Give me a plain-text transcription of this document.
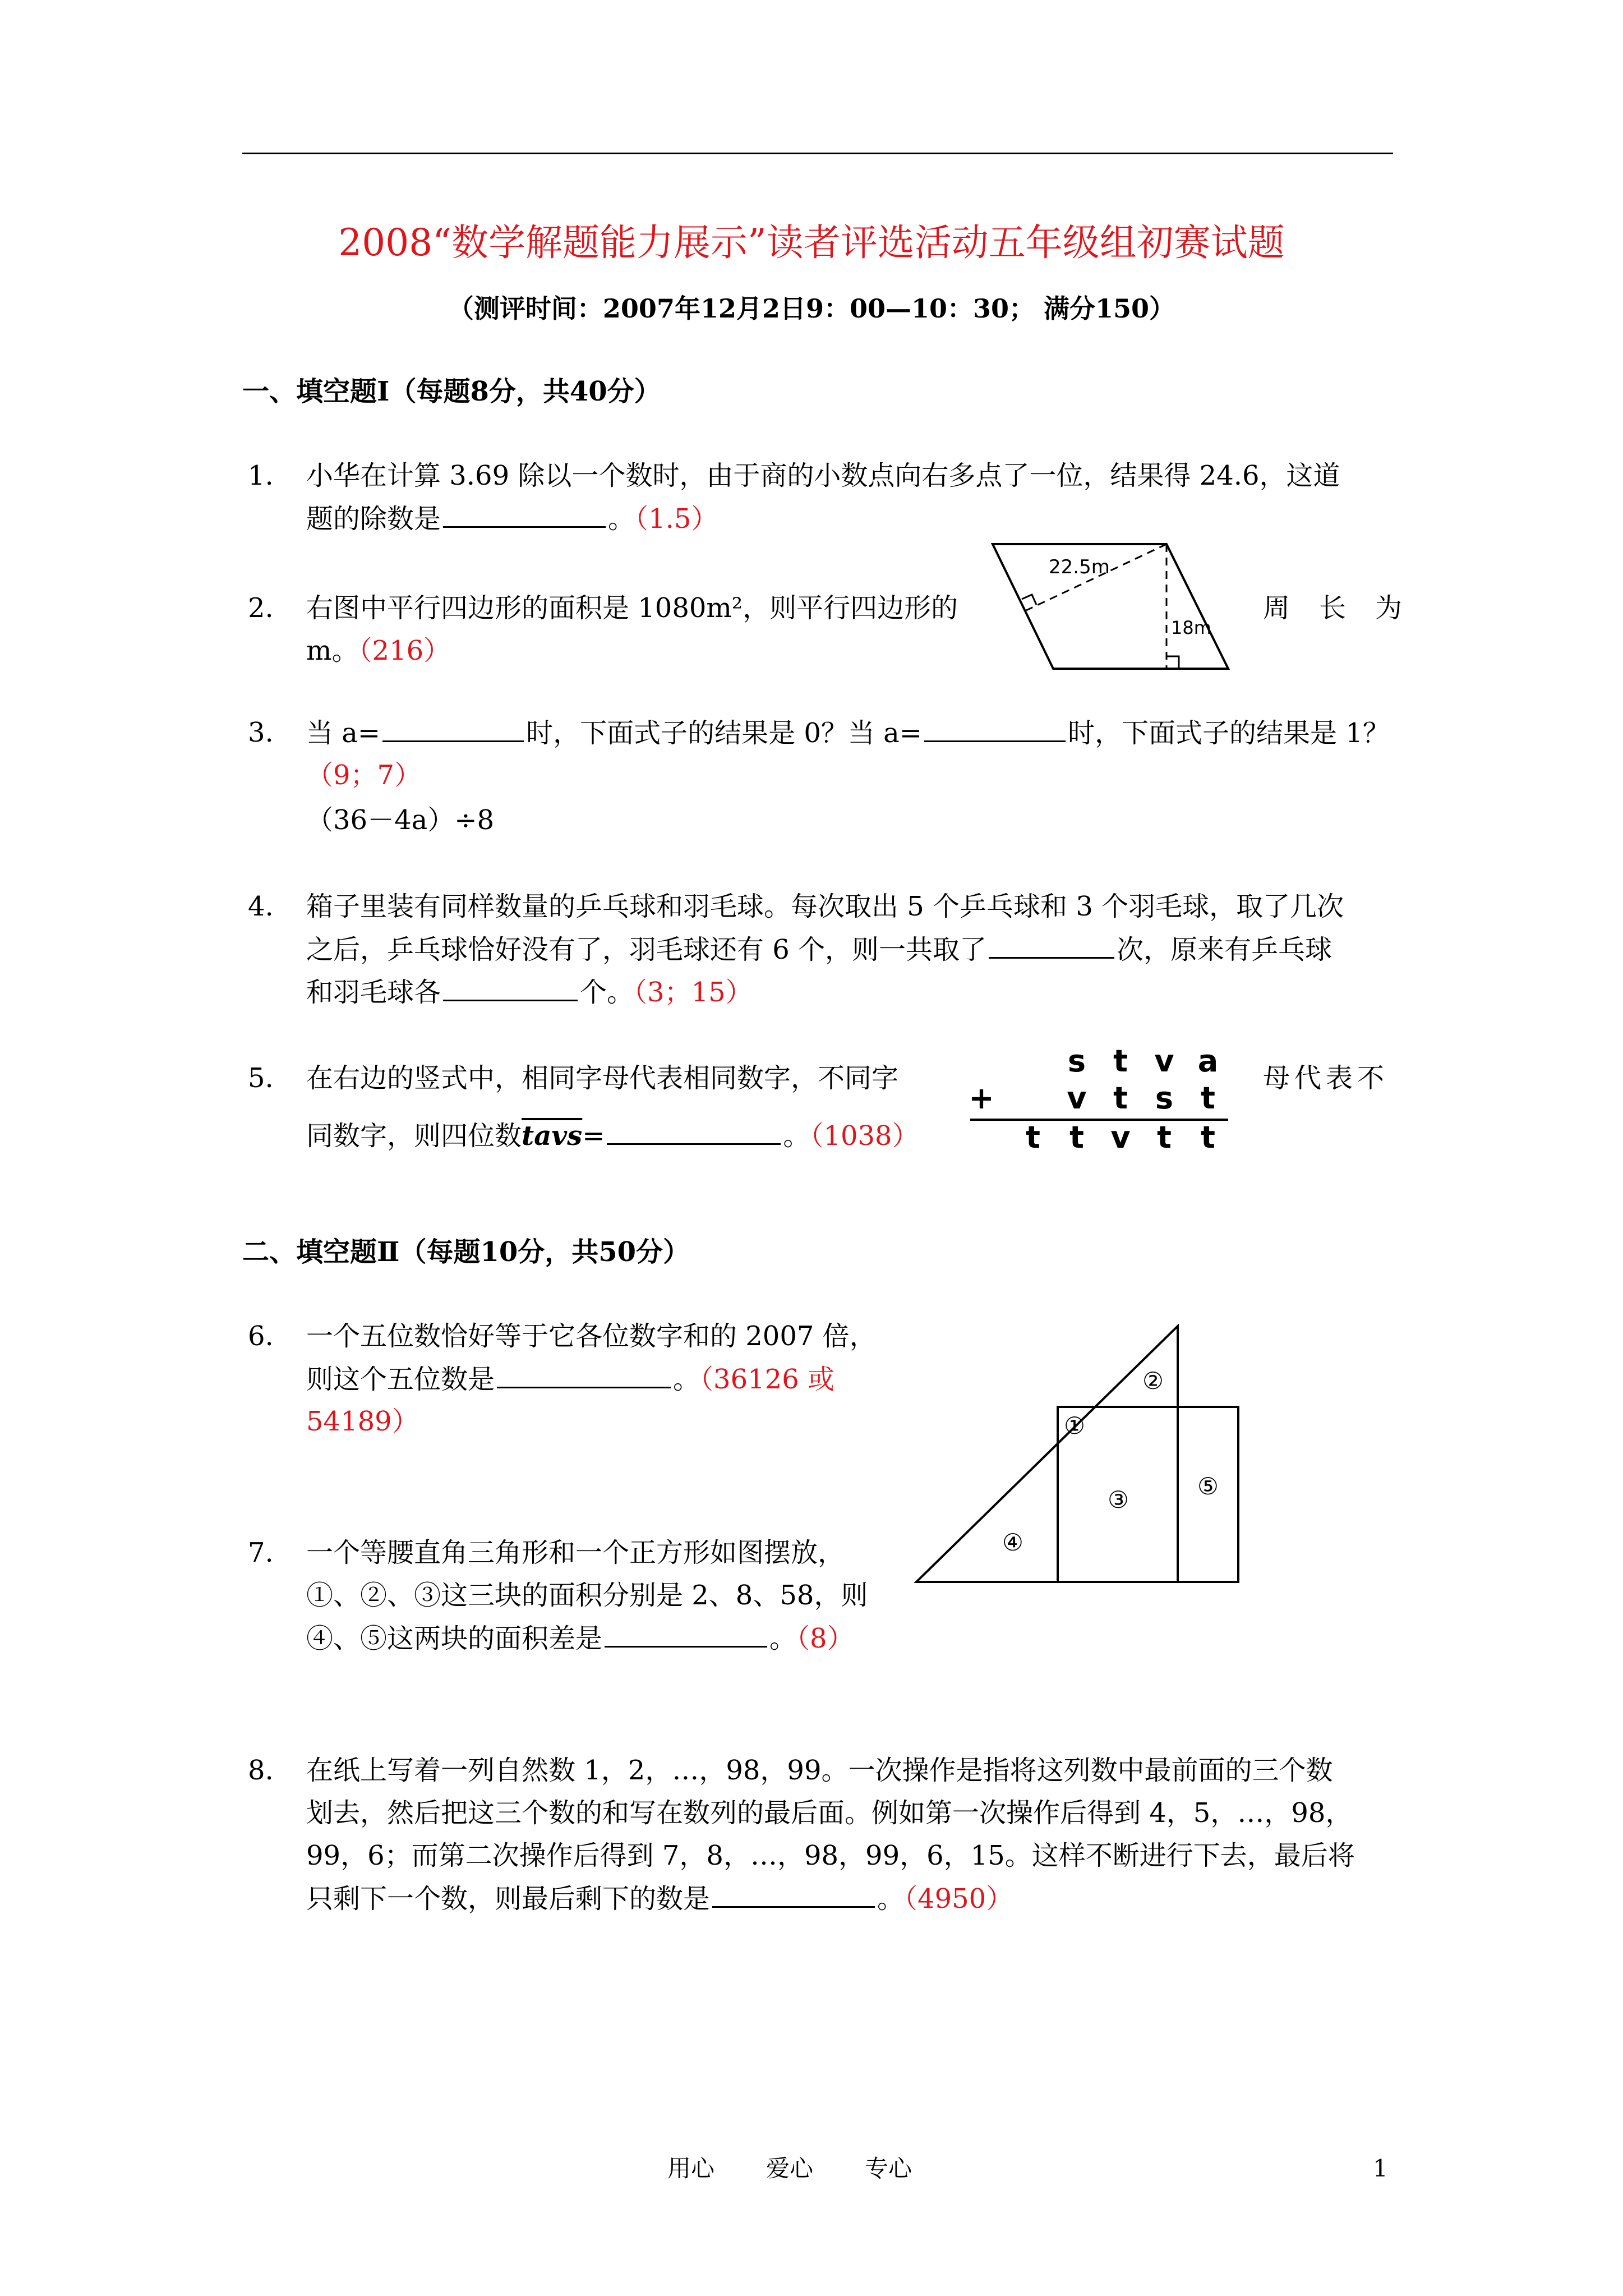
2008“数学解题能力展示”读者评选活动五年级组初赛试题
（测评时间：2007年12月2日9：00—10：30； 满分150）
一、填空题Ⅰ（每题8分，共40分）
1. 小华在计算 3.69 除以一个数时，由于商的小数点向右多点了一位，结果得 24.6，这道
题的除数是	。（1.5）
2. 右图中平行四边形的面积是 1080m²，则平行四边形的	周 长 为
m。（216）
22.5m
18m
3. 当 a=	时，下面式子的结果是 0？当 a=	时，下面式子的结果是 1？
（9；7）
（36－4a）÷8
4. 箱子里装有同样数量的乒乓球和羽毛球。每次取出 5 个乒乓球和 3 个羽毛球，取了几次
之后，乒乓球恰好没有了，羽毛球还有 6 个，则一共取了	次，原来有乒乓球
和羽毛球各	个。（3；15）
5. 在右边的竖式中，相同字母代表相同数字，不同字	母代表不
同数字，则四位数tavs=	。（1038）
s t v a
+ v t s t
t t v t t
二、填空题Ⅱ（每题10分，共50分）
6. 一个五位数恰好等于它各位数字和的 2007 倍，
则这个五位数是	。（36126 或
54189）
7. 一个等腰直角三角形和一个正方形如图摆放，
①、②、③这三块的面积分别是 2、8、58，则
④、⑤这两块的面积差是	。（8）
①
②
③
④
⑤
8. 在纸上写着一列自然数 1，2，…，98，99。一次操作是指将这列数中最前面的三个数
划去，然后把这三个数的和写在数列的最后面。例如第一次操作后得到 4，5，…，98，
99，6；而第二次操作后得到 7，8，…，98，99，6，15。这样不断进行下去，最后将
只剩下一个数，则最后剩下的数是	。（4950）
用心 爱心 专心	1
